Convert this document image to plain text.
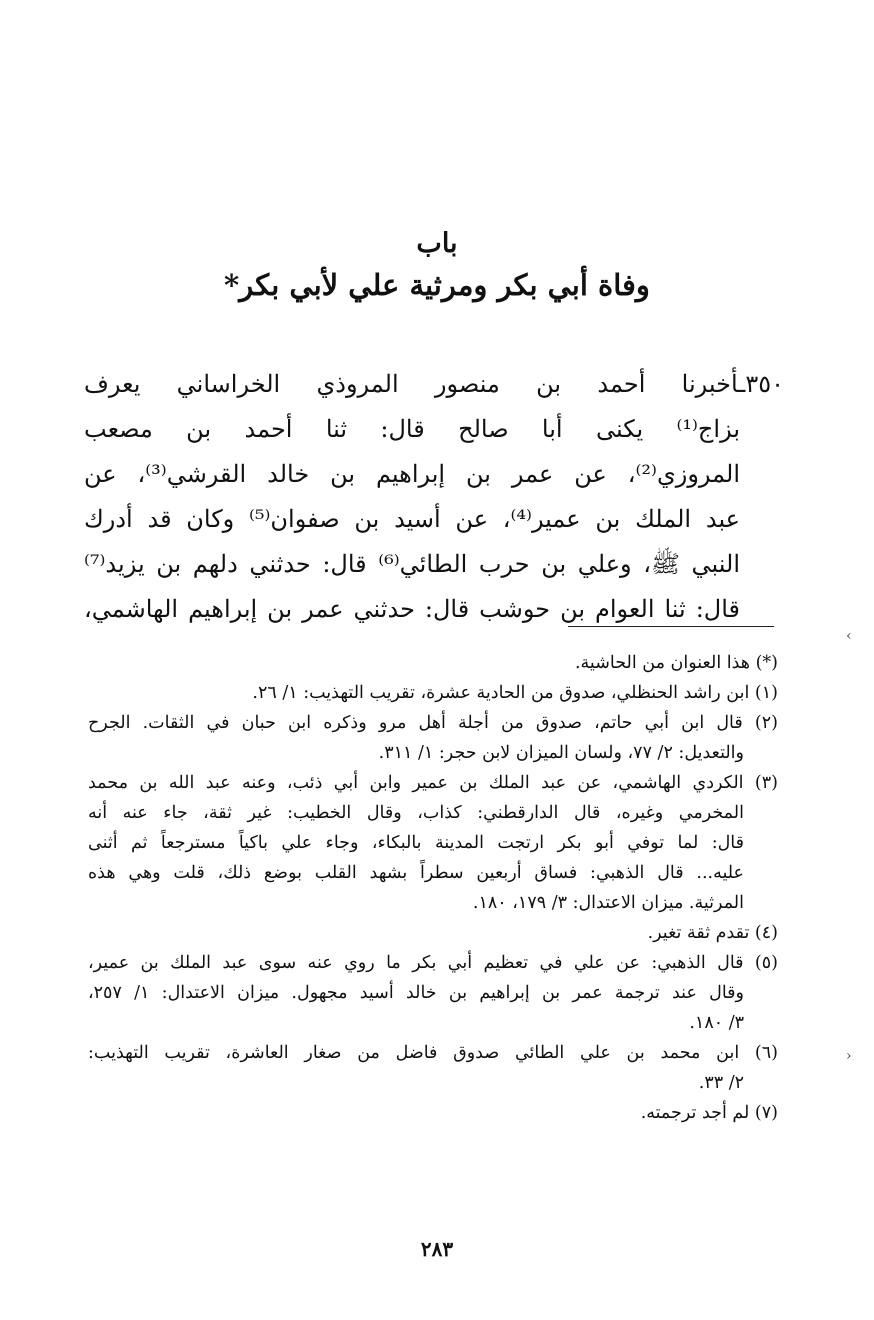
باب
وفاة أبي بكر ومرثية علي لأبي بكر*
٣٥٠ـأخبرنا أحمد بن منصور المروذي الخراساني يعرف
بزاج⁽¹⁾ يكنى أبا صالح قال: ثنا أحمد بن مصعب
المروزي⁽²⁾، عن عمر بن إبراهيم بن خالد القرشي⁽³⁾، عن
عبد الملك بن عمير⁽⁴⁾، عن أسيد بن صفوان⁽⁵⁾ وكان قد أدرك
النبي ﷺ، وعلي بن حرب الطائي⁽⁶⁾ قال: حدثني دلهم بن يزيد⁽⁷⁾
قال: ثنا العوام بن حوشب قال: حدثني عمر بن إبراهيم الهاشمي،
(*) هذا العنوان من الحاشية.
(١) ابن راشد الحنظلي، صدوق من الحادية عشرة، تقريب التهذيب: ١/ ٢٦.
(٢) قال ابن أبي حاتم، صدوق من أجلة أهل مرو وذكره ابن حبان في الثقات. الجرح
والتعديل: ٢/ ٧٧، ولسان الميزان لابن حجر: ١/ ٣١١.
(٣) الكردي الهاشمي، عن عبد الملك بن عمير وابن أبي ذئب، وعنه عبد الله بن محمد
المخرمي وغيره، قال الدارقطني: كذاب، وقال الخطيب: غير ثقة، جاء عنه أنه
قال: لما توفي أبو بكر ارتجت المدينة بالبكاء، وجاء علي باكياً مسترجعاً ثم أثنى
عليه... قال الذهبي: فساق أربعين سطراً بشهد القلب بوضع ذلك، قلت وهي هذه
المرثية. ميزان الاعتدال: ٣/ ١٧٩، ١٨٠.
(٤) تقدم ثقة تغير.
(٥) قال الذهبي: عن علي في تعظيم أبي بكر ما روي عنه سوى عبد الملك بن عمير،
وقال عند ترجمة عمر بن إبراهيم بن خالد أسيد مجهول. ميزان الاعتدال: ١/ ٢٥٧،
٣/ ١٨٠.
(٦) ابن محمد بن علي الطائي صدوق فاضل من صغار العاشرة، تقريب التهذيب:
٢/ ٣٣.
(٧) لم أجد ترجمته.
٢٨٣
‹
›
